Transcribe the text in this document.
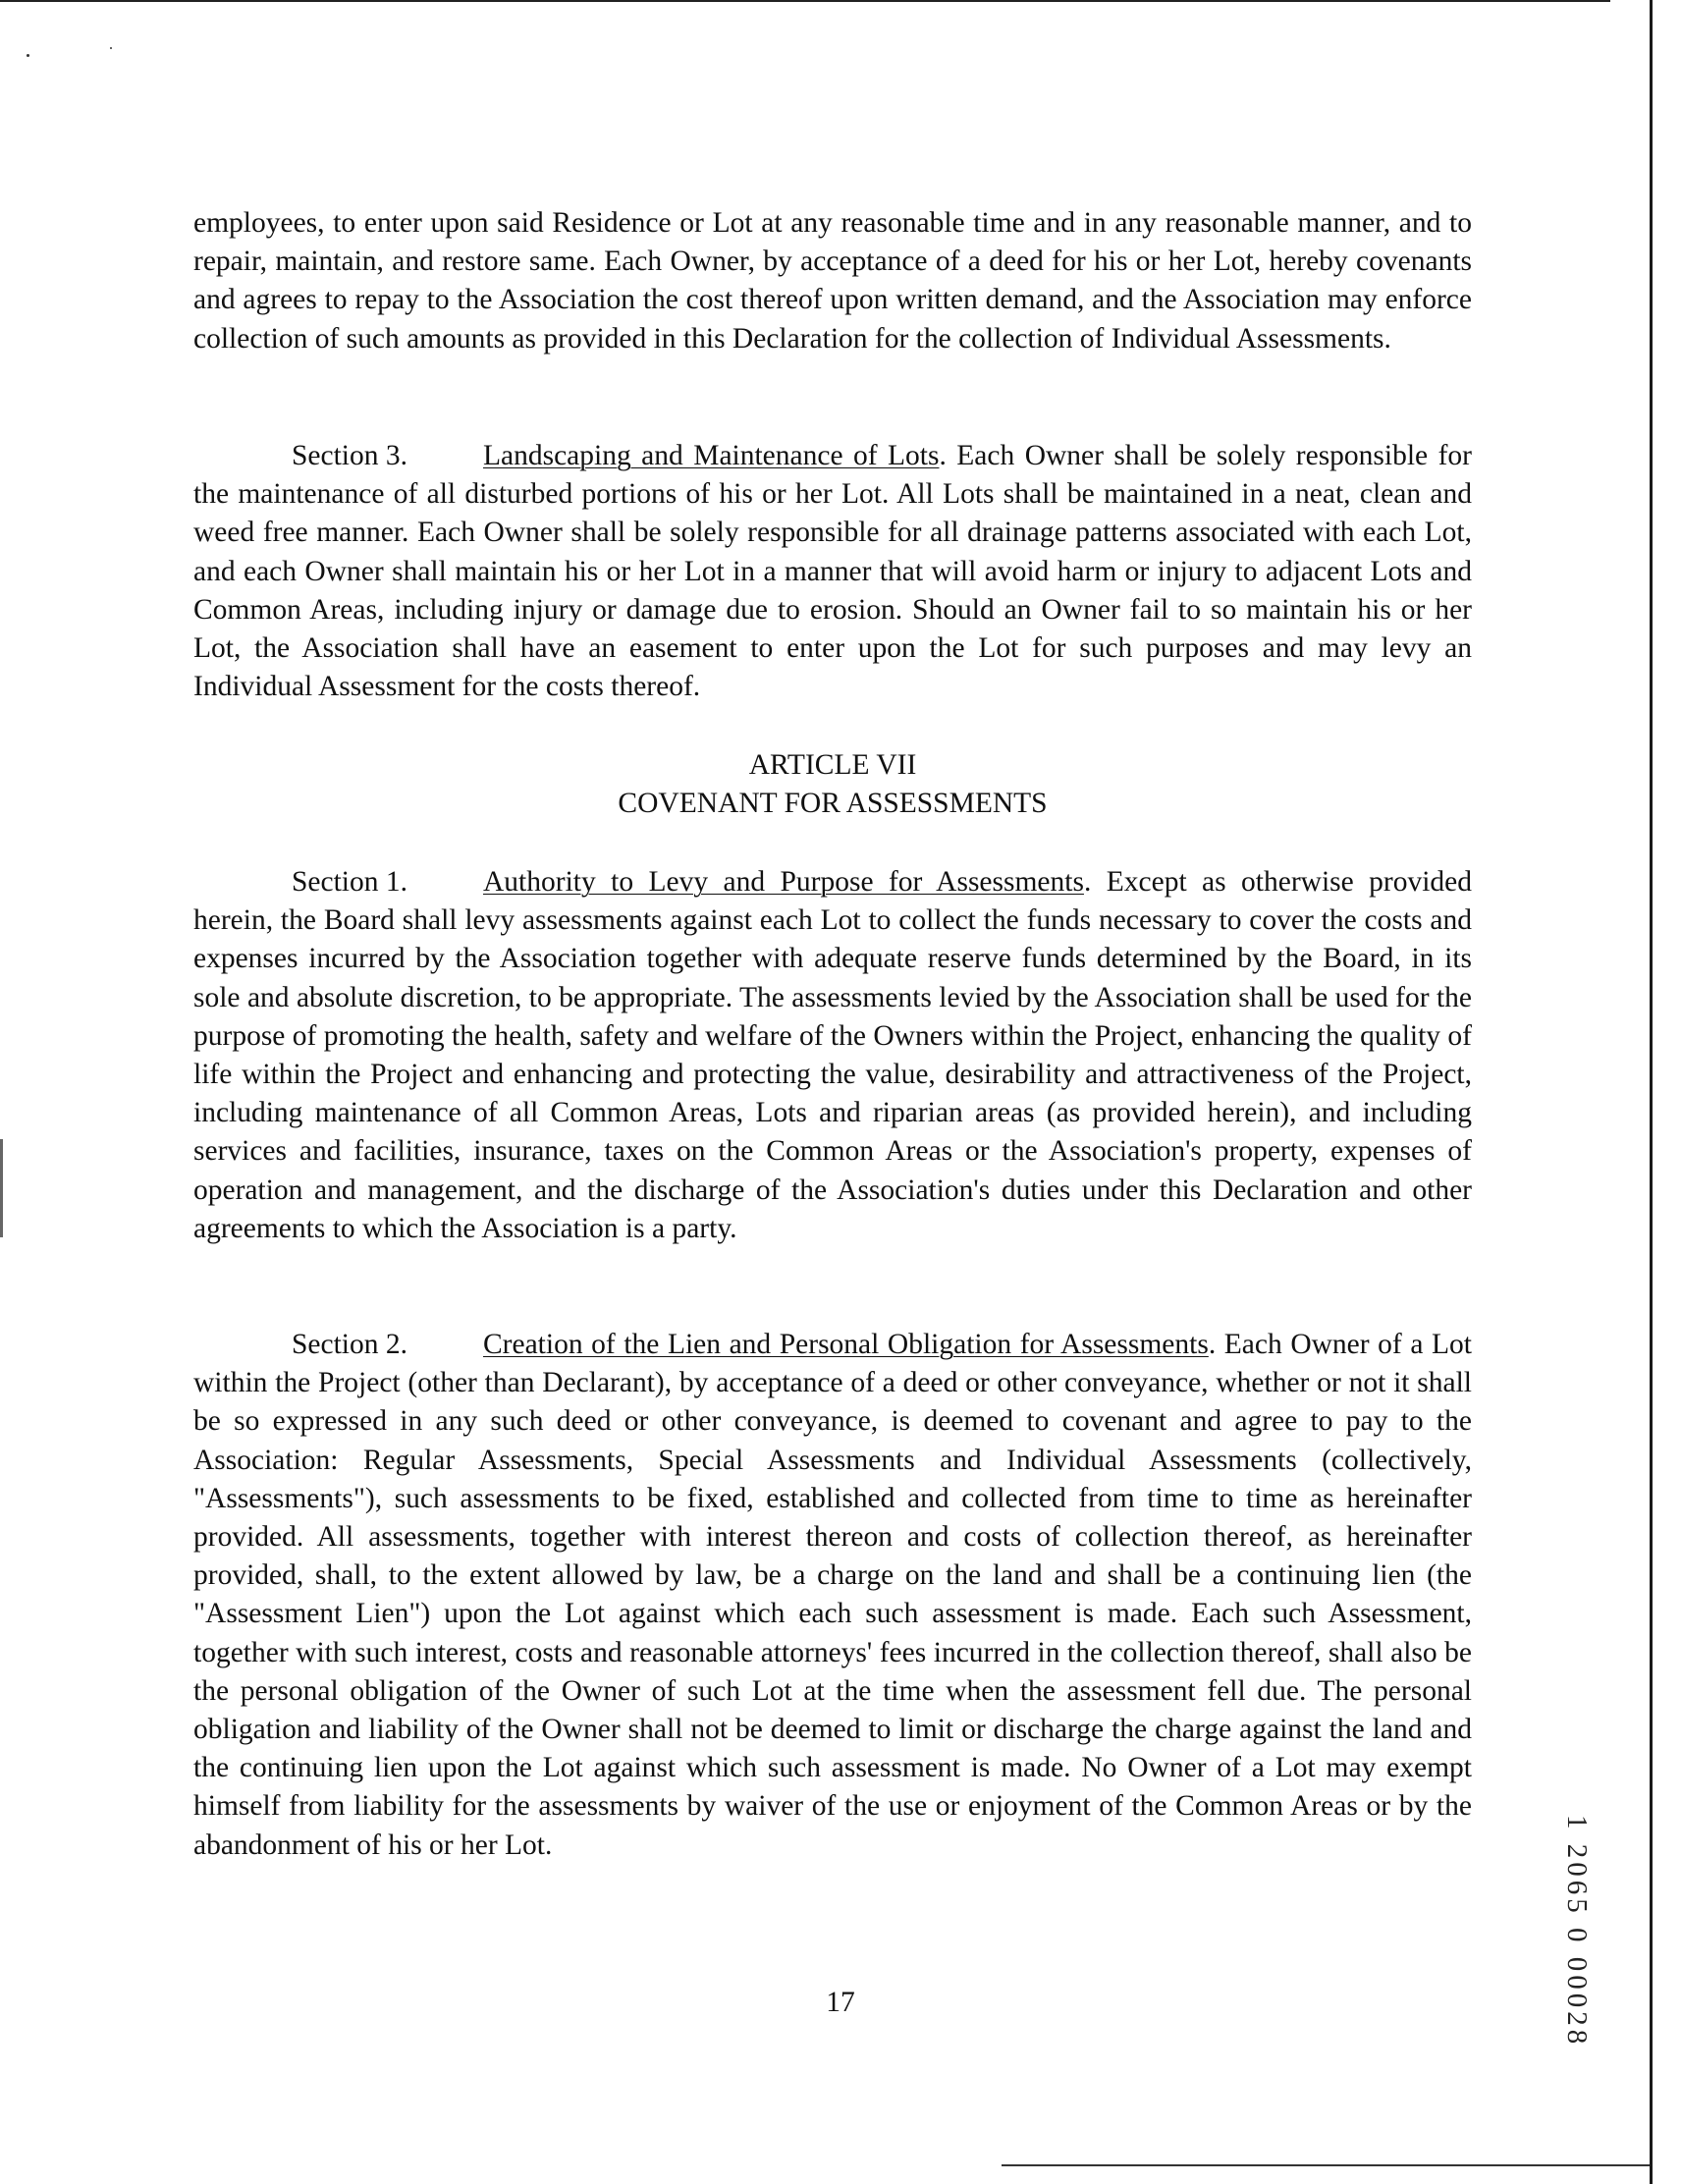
employees, to enter upon said Residence or Lot at any reasonable time and in any reasonable manner, and to repair, maintain, and restore same. Each Owner, by acceptance of a deed for his or her Lot, hereby covenants and agrees to repay to the Association the cost thereof upon written demand, and the Association may enforce collection of such amounts as provided in this Declaration for the collection of Individual Assessments.

Section 3.	Landscaping and Maintenance of Lots. Each Owner shall be solely responsible for the maintenance of all disturbed portions of his or her Lot. All Lots shall be maintained in a neat, clean and weed free manner. Each Owner shall be solely responsible for all drainage patterns associated with each Lot, and each Owner shall maintain his or her Lot in a manner that will avoid harm or injury to adjacent Lots and Common Areas, including injury or damage due to erosion. Should an Owner fail to so maintain his or her Lot, the Association shall have an easement to enter upon the Lot for such purposes and may levy an Individual Assessment for the costs thereof.

ARTICLE VII
COVENANT FOR ASSESSMENTS

Section 1.	Authority to Levy and Purpose for Assessments. Except as otherwise provided herein, the Board shall levy assessments against each Lot to collect the funds necessary to cover the costs and expenses incurred by the Association together with adequate reserve funds determined by the Board, in its sole and absolute discretion, to be appropriate. The assessments levied by the Association shall be used for the purpose of promoting the health, safety and welfare of the Owners within the Project, enhancing the quality of life within the Project and enhancing and protecting the value, desirability and attractiveness of the Project, including maintenance of all Common Areas, Lots and riparian areas (as provided herein), and including services and facilities, insurance, taxes on the Common Areas or the Association's property, expenses of operation and management, and the discharge of the Association's duties under this Declaration and other agreements to which the Association is a party.

Section 2.	Creation of the Lien and Personal Obligation for Assessments. Each Owner of a Lot within the Project (other than Declarant), by acceptance of a deed or other conveyance, whether or not it shall be so expressed in any such deed or other conveyance, is deemed to covenant and agree to pay to the Association: Regular Assessments, Special Assessments and Individual Assessments (collectively, "Assessments"), such assessments to be fixed, established and collected from time to time as hereinafter provided. All assessments, together with interest thereon and costs of collection thereof, as hereinafter provided, shall, to the extent allowed by law, be a charge on the land and shall be a continuing lien (the "Assessment Lien") upon the Lot against which each such assessment is made. Each such Assessment, together with such interest, costs and reasonable attorneys' fees incurred in the collection thereof, shall also be the personal obligation of the Owner of such Lot at the time when the assessment fell due. The personal obligation and liability of the Owner shall not be deemed to limit or discharge the charge against the land and the continuing lien upon the Lot against which such assessment is made. No Owner of a Lot may exempt himself from liability for the assessments by waiver of the use or enjoyment of the Common Areas or by the abandonment of his or her Lot.

17	1 2065 0 00028
